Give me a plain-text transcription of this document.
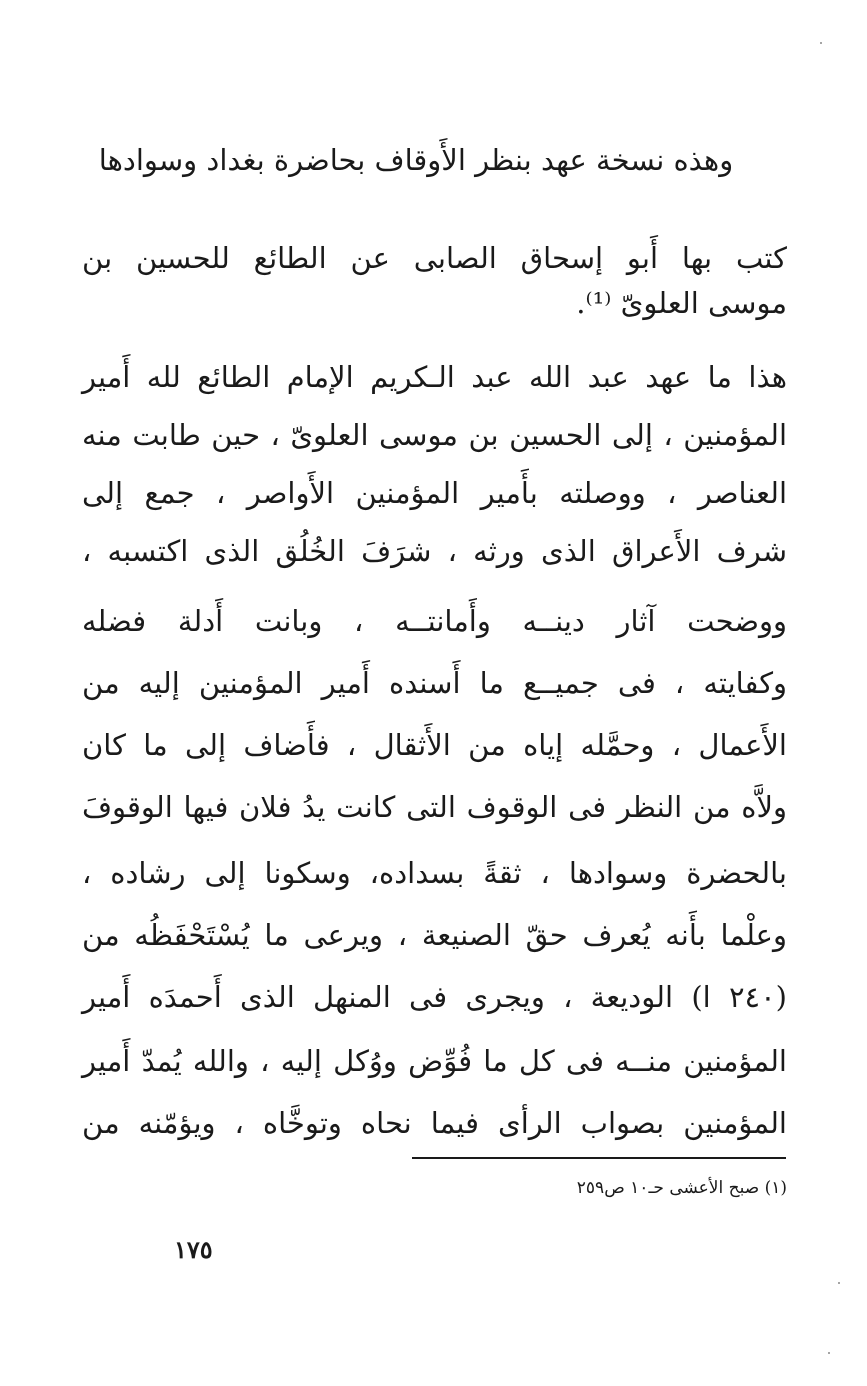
وهذه نسخة عهد بنظر الأَوقاف بحاضرة بغداد وسوادها
كتب بها أَبو إسحاق الصابى عن الطائع للحسين بن
موسى العلوىّ ⁽¹⁾.
هذا ما عهد عبد الله عبد الـكريم الإمام الطائع لله أَمير
المؤمنين ، إلى الحسين بن موسى العلوىّ ، حين طابت منه
العناصر ، ووصلته بأَمير المؤمنين الأَواصر ، جمع إلى
شرف الأَعراق الذى ورثه ، شرَفَ الخُلُق الذى اكتسبه ،
ووضحت آثار دينــه وأَمانتــه ، وبانت أَدلة فضله
وكفايته ، فى جميــع ما أَسنده أَمير المؤمنين إليه من
الأَعمال ، وحمَّله إياه من الأَثقال ، فأَضاف إلى ما كان
ولاَّه من النظر فى الوقوف التى كانت يدُ فلان فيها الوقوفَ
بالحضرة وسوادها ، ثقةً بسداده، وسكونا إلى رشاده ،
وعلْما بأَنه يُعرف حقّ الصنيعة ، ويرعى ما يُسْتَحْفَظُه من
(٢٤٠ ا) الوديعة ، ويجرى فى المنهل الذى أَحمدَه أَمير
المؤمنين منــه فى كل ما فُوِّض ووُكل إليه ، والله يُمدّ أَمير
المؤمنين بصواب الرأى فيما نحاه وتوخَّاه ، ويؤمّنه من
(١) صبح الأعشى حـ١٠ ص٢٥٩
١٧٥
